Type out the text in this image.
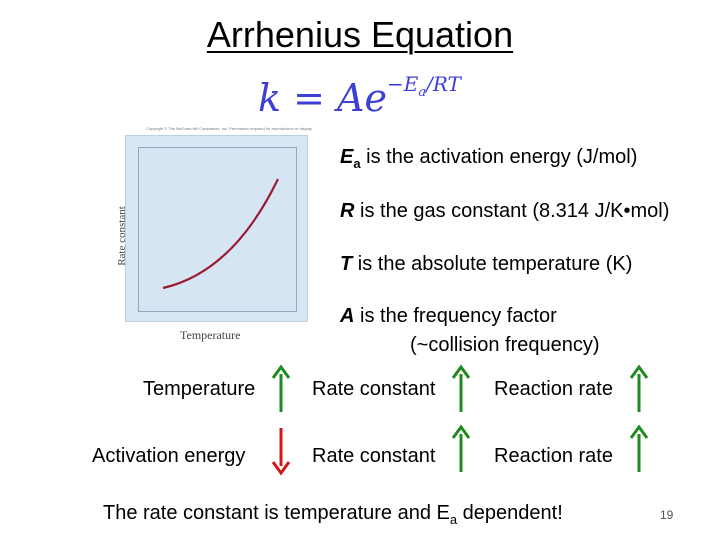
Arrhenius Equation
$k = Ae^{-E_a/RT}$
Copyright © The McGraw-Hill Companies, Inc. Permission required for reproduction or display.
Rate constant
Temperature
$E_a$ is the activation energy (J/mol)
R is the gas constant (8.314 J/K•mol)
T is the absolute temperature (K)
A is the frequency factor
(~collision frequency)
Temperature	Rate constant	Reaction rate
Activation energy	Rate constant	Reaction rate
The rate constant is temperature and $E_a$ dependent!	19
